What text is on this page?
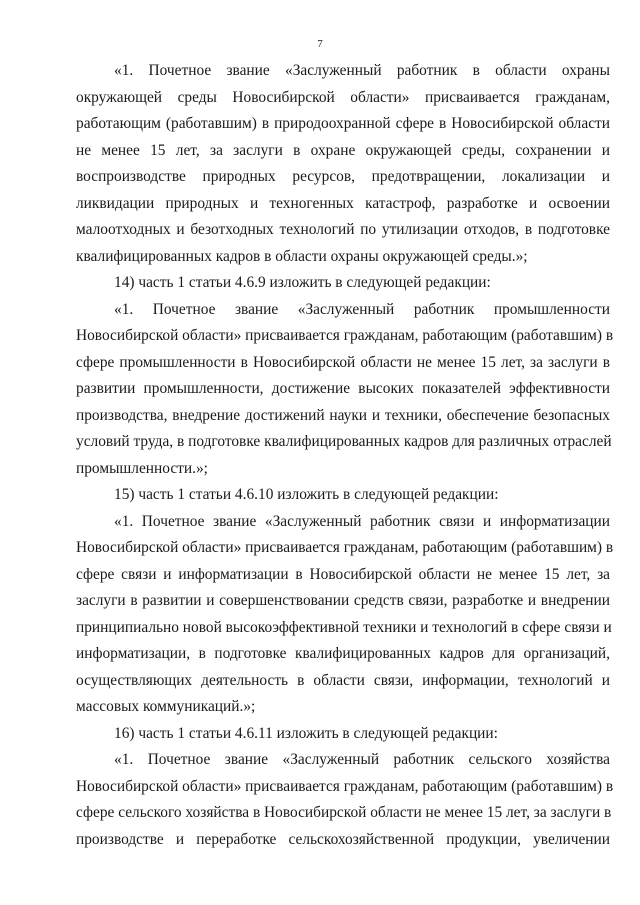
7
«1. Почетное звание «Заслуженный работник в области охраны
окружающей среды Новосибирской области» присваивается гражданам,
работающим (работавшим) в природоохранной сфере в Новосибирской области
не менее 15 лет, за заслуги в охране окружающей среды, сохранении и
воспроизводстве природных ресурсов, предотвращении, локализации и
ликвидации природных и техногенных катастроф, разработке и освоении
малоотходных и безотходных технологий по утилизации отходов, в подготовке
квалифицированных кадров в области охраны окружающей среды.»;
14) часть 1 статьи 4.6.9 изложить в следующей редакции:
«1. Почетное звание «Заслуженный работник промышленности
Новосибирской области» присваивается гражданам, работающим (работавшим) в
сфере промышленности в Новосибирской области не менее 15 лет, за заслуги в
развитии промышленности, достижение высоких показателей эффективности
производства, внедрение достижений науки и техники, обеспечение безопасных
условий труда, в подготовке квалифицированных кадров для различных отраслей
промышленности.»;
15) часть 1 статьи 4.6.10 изложить в следующей редакции:
«1. Почетное звание «Заслуженный работник связи и информатизации
Новосибирской области» присваивается гражданам, работающим (работавшим) в
сфере связи и информатизации в Новосибирской области не менее 15 лет, за
заслуги в развитии и совершенствовании средств связи, разработке и внедрении
принципиально новой высокоэффективной техники и технологий в сфере связи и
информатизации, в подготовке квалифицированных кадров для организаций,
осуществляющих деятельность в области связи, информации, технологий и
массовых коммуникаций.»;
16) часть 1 статьи 4.6.11 изложить в следующей редакции:
«1. Почетное звание «Заслуженный работник сельского хозяйства
Новосибирской области» присваивается гражданам, работающим (работавшим) в
сфере сельского хозяйства в Новосибирской области не менее 15 лет, за заслуги в
производстве и переработке сельскохозяйственной продукции, увеличении
